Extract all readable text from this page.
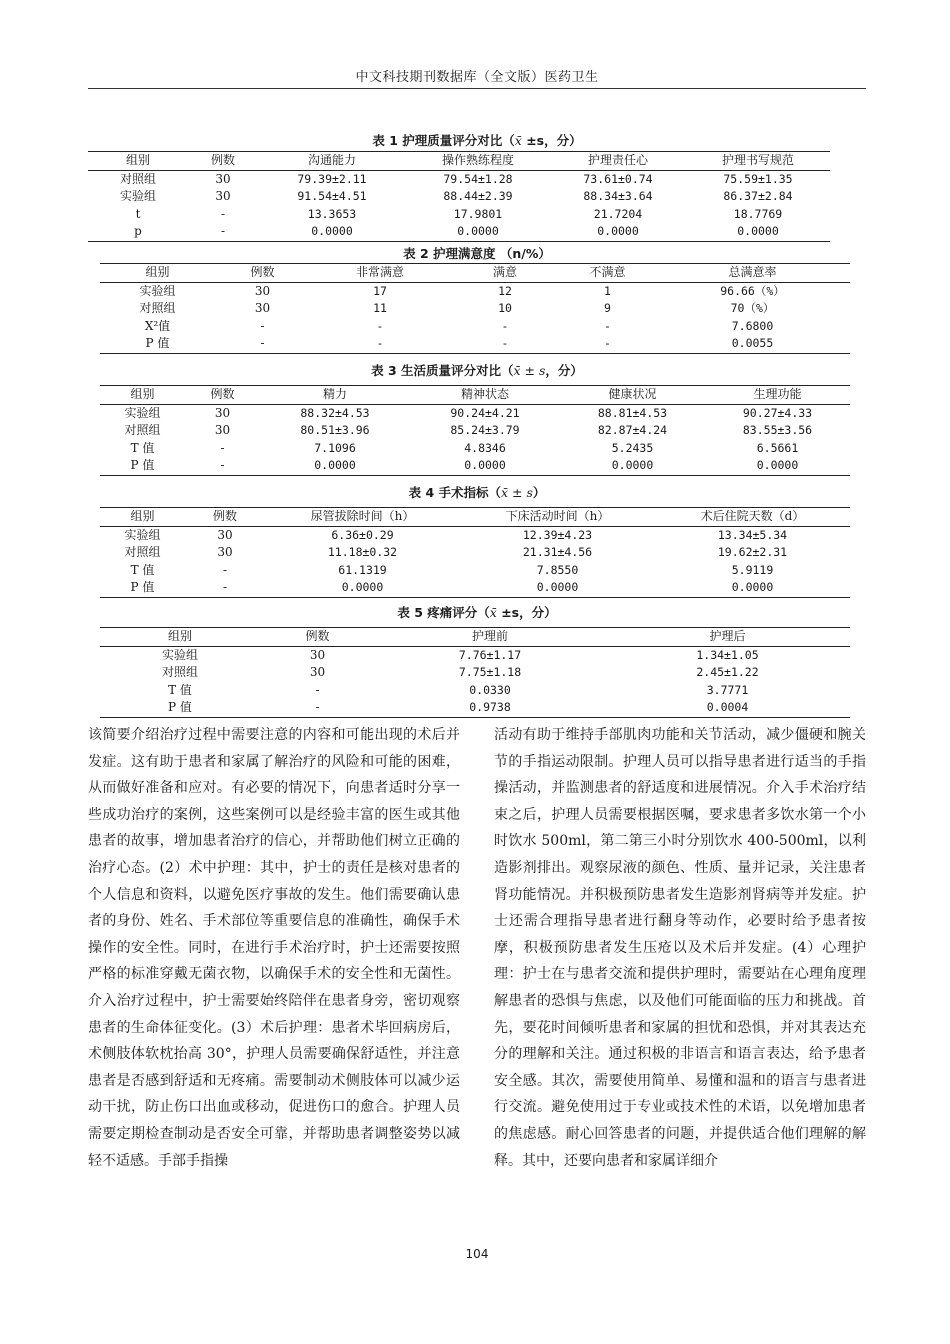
中文科技期刊数据库（全文版）医药卫生
表 1 护理质量评分对比（x̄ ±s，分）
组别	例数	沟通能力	操作熟练程度	护理责任心	护理书写规范
对照组	30	79.39±2.11	79.54±1.28	73.61±0.74	75.59±1.35
实验组	30	91.54±4.51	88.44±2.39	88.34±3.64	86.37±2.84
t	-	13.3653	17.9801	21.7204	18.7769
p	-	0.0000	0.0000	0.0000	0.0000
表 2 护理满意度 （n/%）
组别	例数	非常满意	满意	不满意	总满意率
实验组	30	17	12	1	96.66（%）
对照组	30	11	10	9	70（%）
X²值	-	-	-	-	7.6800
P 值	-	-	-	-	0.0055
表 3 生活质量评分对比（x̄ ± s，分）
组别	例数	精力	精神状态	健康状况	生理功能
实验组	30	88.32±4.53	90.24±4.21	88.81±4.53	90.27±4.33
对照组	30	80.51±3.96	85.24±3.79	82.87±4.24	83.55±3.56
T 值	-	7.1096	4.8346	5.2435	6.5661
P 值	-	0.0000	0.0000	0.0000	0.0000
表 4 手术指标（x̄ ± s）
组别	例数	尿管拔除时间（h）	下床活动时间（h）	术后住院天数（d）
实验组	30	6.36±0.29	12.39±4.23	13.34±5.34
对照组	30	11.18±0.32	21.31±4.56	19.62±2.31
T 值	-	61.1319	7.8550	5.9119
P 值	-	0.0000	0.0000	0.0000
表 5 疼痛评分（x̄ ±s，分）
组别	例数	护理前	护理后
实验组	30	7.76±1.17	1.34±1.05
对照组	30	7.75±1.18	2.45±1.22
T 值	-	0.0330	3.7771
P 值	-	0.9738	0.0004
该简要介绍治疗过程中需要注意的内容和可能出现的术后并发症。这有助于患者和家属了解治疗的风险和可能的困难，从而做好准备和应对。有必要的情况下，向患者适时分享一些成功治疗的案例，这些案例可以是经验丰富的医生或其他患者的故事，增加患者治疗的信心，并帮助他们树立正确的治疗心态。(2）术中护理：其中，护士的责任是核对患者的个人信息和资料，以避免医疗事故的发生。他们需要确认患者的身份、姓名、手术部位等重要信息的准确性，确保手术操作的安全性。同时，在进行手术治疗时，护士还需要按照严格的标准穿戴无菌衣物，以确保手术的安全性和无菌性。介入治疗过程中，护士需要始终陪伴在患者身旁，密切观察患者的生命体征变化。(3）术后护理：患者术毕回病房后，术侧肢体软枕抬高 30°，护理人员需要确保舒适性，并注意患者是否感到舒适和无疼痛。需要制动术侧肢体可以减少运动干扰，防止伤口出血或移动，促进伤口的愈合。护理人员需要定期检查制动是否安全可靠，并帮助患者调整姿势以减轻不适感。手部手指操
活动有助于维持手部肌肉功能和关节活动，减少僵硬和腕关节的手指运动限制。护理人员可以指导患者进行适当的手指操活动，并监测患者的舒适度和进展情况。介入手术治疗结束之后，护理人员需要根据医嘱，要求患者多饮水第一个小时饮水 500ml，第二第三小时分别饮水 400-500ml，以利造影剂排出。观察尿液的颜色、性质、量并记录，关注患者肾功能情况。并积极预防患者发生造影剂肾病等并发症。护士还需合理指导患者进行翻身等动作，必要时给予患者按摩，积极预防患者发生压疮以及术后并发症。(4）心理护理：护士在与患者交流和提供护理时，需要站在心理角度理解患者的恐惧与焦虑，以及他们可能面临的压力和挑战。首先，要花时间倾听患者和家属的担忧和恐惧，并对其表达充分的理解和关注。通过积极的非语言和语言表达，给予患者安全感。其次，需要使用简单、易懂和温和的语言与患者进行交流。避免使用过于专业或技术性的术语，以免增加患者的焦虑感。耐心回答患者的问题，并提供适合他们理解的解释。其中，还要向患者和家属详细介
104
